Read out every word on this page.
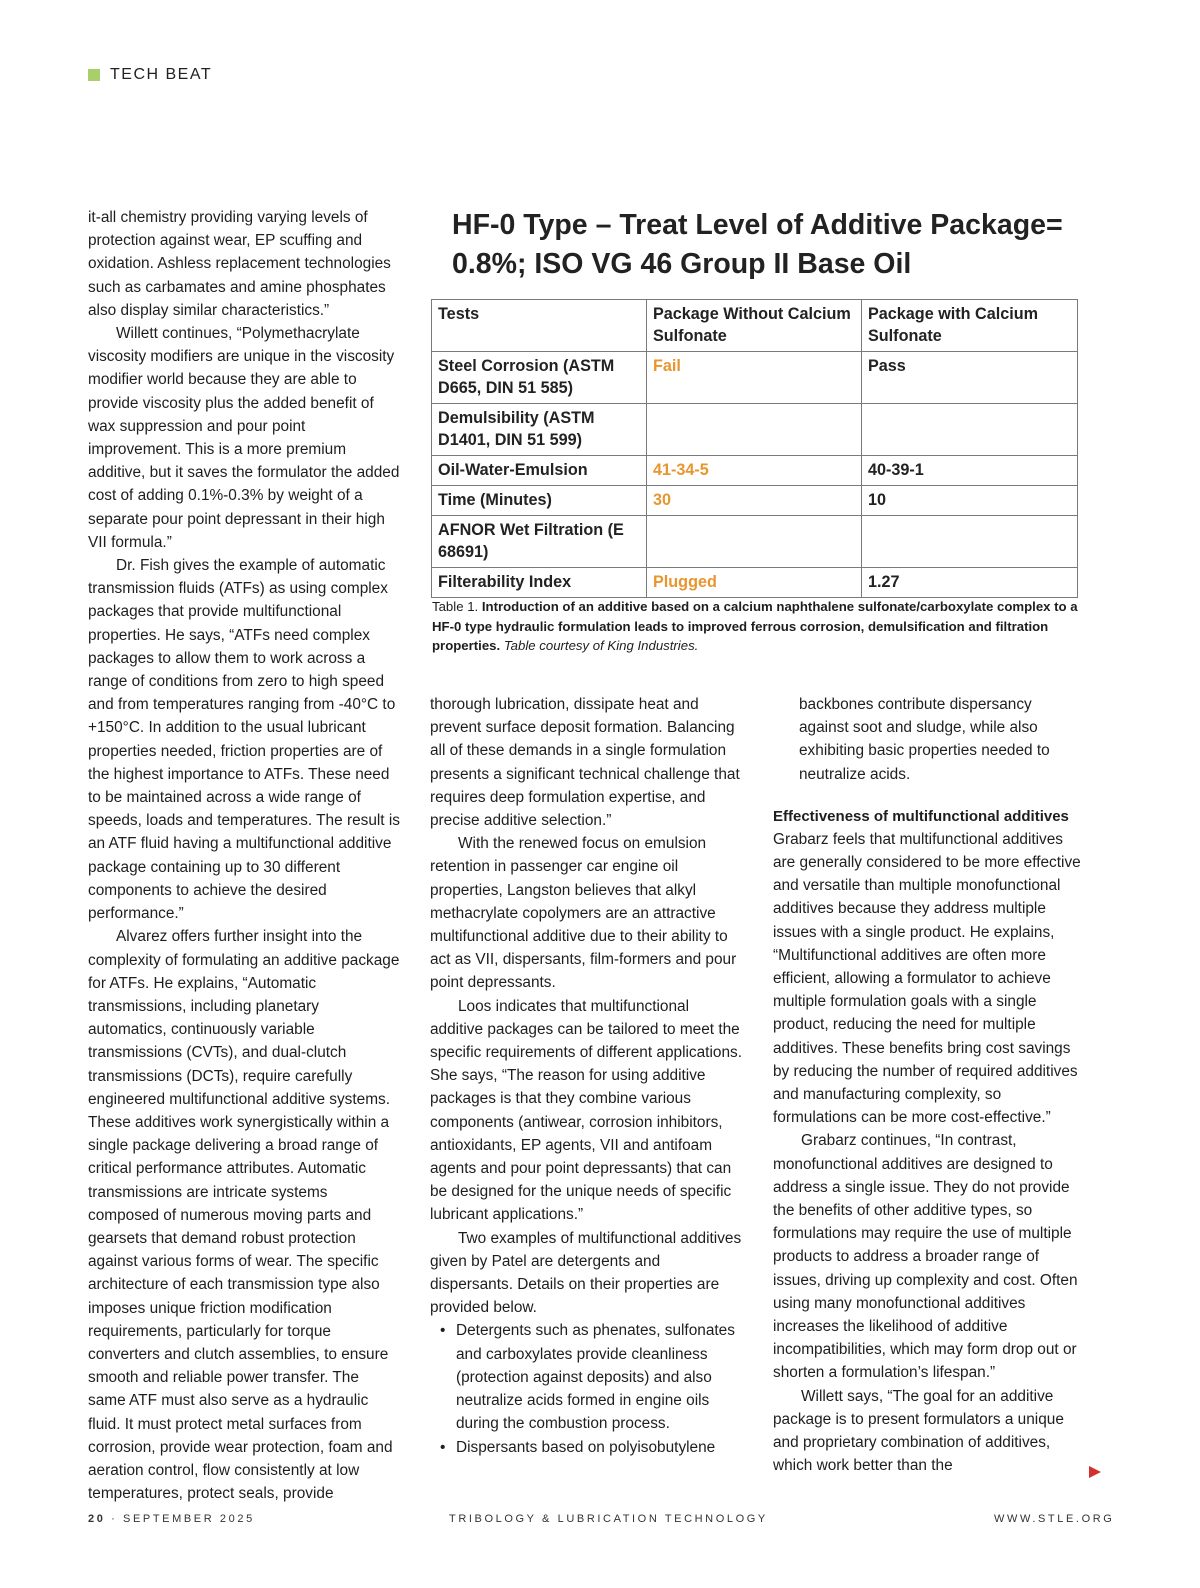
TECH BEAT

it-all chemistry providing varying levels of protection against wear, EP scuffing and oxidation. Ashless replacement technologies such as carbamates and amine phosphates also display similar characteristics.”

Willett continues, “Polymethacrylate viscosity modifiers are unique in the viscosity modifier world because they are able to provide viscosity plus the added benefit of wax suppression and pour point improvement. This is a more premium additive, but it saves the formulator the added cost of adding 0.1%-0.3% by weight of a separate pour point depressant in their high VII formula.”

Dr. Fish gives the example of automatic transmission fluids (ATFs) as using complex packages that provide multifunctional properties. He says, “ATFs need complex packages to allow them to work across a range of conditions from zero to high speed and from temperatures ranging from -40°C to +150°C. In addition to the usual lubricant properties needed, friction properties are of the highest importance to ATFs. These need to be maintained across a wide range of speeds, loads and temperatures. The result is an ATF fluid having a multifunctional additive package containing up to 30 different components to achieve the desired performance.”

Alvarez offers further insight into the complexity of formulating an additive package for ATFs. He explains, “Automatic transmissions, including planetary automatics, continuously variable transmissions (CVTs), and dual-clutch transmissions (DCTs), require carefully engineered multifunctional additive systems. These additives work synergistically within a single package delivering a broad range of critical performance attributes. Automatic transmissions are intricate systems composed of numerous moving parts and gearsets that demand robust protection against various forms of wear. The specific architecture of each transmission type also imposes unique friction modification requirements, particularly for torque converters and clutch assemblies, to ensure smooth and reliable power transfer. The same ATF must also serve as a hydraulic fluid. It must protect metal surfaces from corrosion, provide wear protection, foam and aeration control, flow consistently at low temperatures, protect seals, provide

HF-0 Type – Treat Level of Additive Package= 0.8%; ISO VG 46 Group II Base Oil
Tests	Package Without Calcium Sulfonate	Package with Calcium Sulfonate
Steel Corrosion (ASTM D665, DIN 51 585)	Fail	Pass
Demulsibility (ASTM D1401, DIN 51 599)		
Oil-Water-Emulsion	41-34-5	40-39-1
Time (Minutes)	30	10
AFNOR Wet Filtration (E 68691)		
Filterability Index	Plugged	1.27
Table 1. Introduction of an additive based on a calcium naphthalene sulfonate/carboxylate complex to a HF-0 type hydraulic formulation leads to improved ferrous corrosion, demulsification and filtration properties. Table courtesy of King Industries.

thorough lubrication, dissipate heat and prevent surface deposit formation. Balancing all of these demands in a single formulation presents a significant technical challenge that requires deep formulation expertise, and precise additive selection.”

With the renewed focus on emulsion retention in passenger car engine oil properties, Langston believes that alkyl methacrylate copolymers are an attractive multifunctional additive due to their ability to act as VII, dispersants, film-formers and pour point depressants.

Loos indicates that multifunctional additive packages can be tailored to meet the specific requirements of different applications. She says, “The reason for using additive packages is that they combine various components (antiwear, corrosion inhibitors, antioxidants, EP agents, VII and antifoam agents and pour point depressants) that can be designed for the unique needs of specific lubricant applications.”

Two examples of multifunctional additives given by Patel are detergents and dispersants. Details on their properties are provided below.

• Detergents such as phenates, sulfonates and carboxylates provide cleanliness (protection against deposits) and also neutralize acids formed in engine oils during the combustion process.
• Dispersants based on polyisobutylene

backbones contribute dispersancy against soot and sludge, while also exhibiting basic properties needed to neutralize acids.

Effectiveness of multifunctional additives

Grabarz feels that multifunctional additives are generally considered to be more effective and versatile than multiple monofunctional additives because they address multiple issues with a single product. He explains, “Multifunctional additives are often more efficient, allowing a formulator to achieve multiple formulation goals with a single product, reducing the need for multiple additives. These benefits bring cost savings by reducing the number of required additives and manufacturing complexity, so formulations can be more cost-effective.”

Grabarz continues, “In contrast, monofunctional additives are designed to address a single issue. They do not provide the benefits of other additive types, so formulations may require the use of multiple products to address a broader range of issues, driving up complexity and cost. Often using many monofunctional additives increases the likelihood of additive incompatibilities, which may form drop out or shorten a formulation’s lifespan.”

Willett says, “The goal for an additive package is to present formulators a unique and proprietary combination of additives, which work better than the

20 · SEPTEMBER 2025	TRIBOLOGY & LUBRICATION TECHNOLOGY	WWW.STLE.ORG
